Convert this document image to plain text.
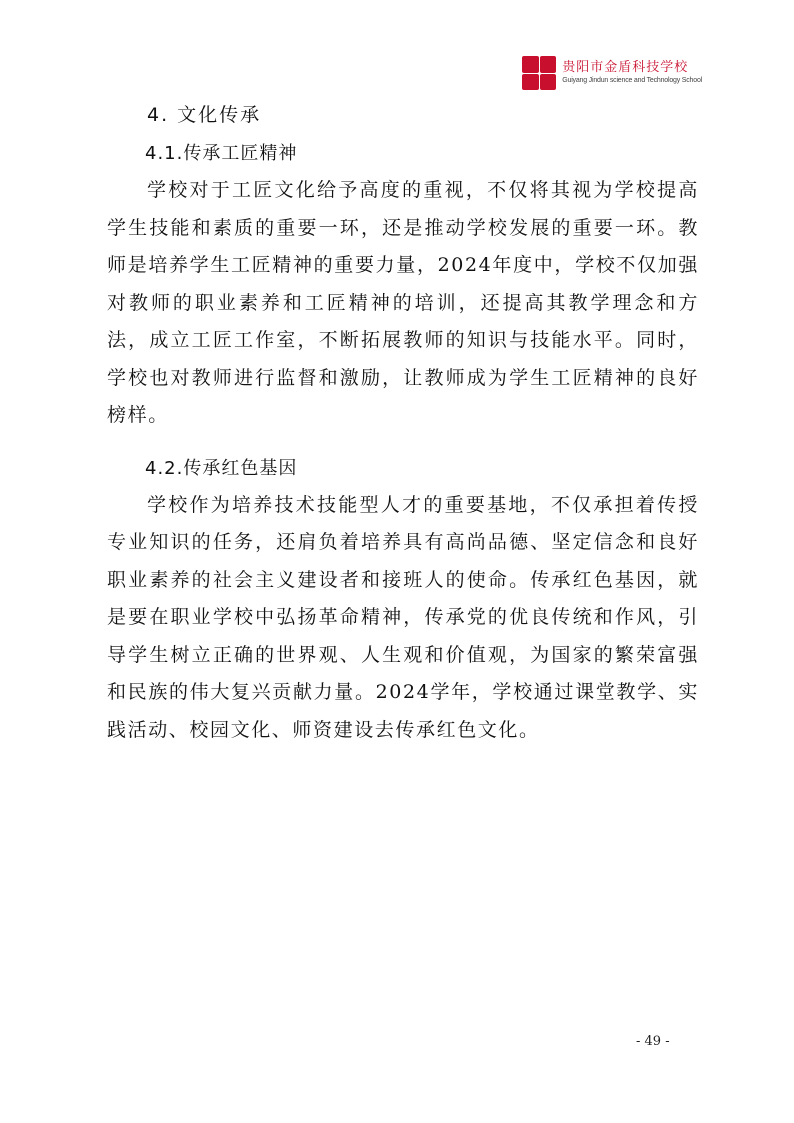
贵阳市金盾科技学校
Guiyang Jindun science and Technology School
4. 文化传承
4.1.传承工匠精神

学校对于工匠文化给予高度的重视，不仅将其视为学校提高学生技能和素质的重要一环，还是推动学校发展的重要一环。教师是培养学生工匠精神的重要力量，2024年度中，学校不仅加强对教师的职业素养和工匠精神的培训，还提高其教学理念和方法，成立工匠工作室，不断拓展教师的知识与技能水平。同时，学校也对教师进行监督和激励，让教师成为学生工匠精神的良好榜样。

4.2.传承红色基因

学校作为培养技术技能型人才的重要基地，不仅承担着传授专业知识的任务，还肩负着培养具有高尚品德、坚定信念和良好职业素养的社会主义建设者和接班人的使命。传承红色基因，就是要在职业学校中弘扬革命精神，传承党的优良传统和作风，引导学生树立正确的世界观、人生观和价值观，为国家的繁荣富强和民族的伟大复兴贡献力量。2024学年，学校通过课堂教学、实践活动、校园文化、师资建设去传承红色文化。

- 49 -
